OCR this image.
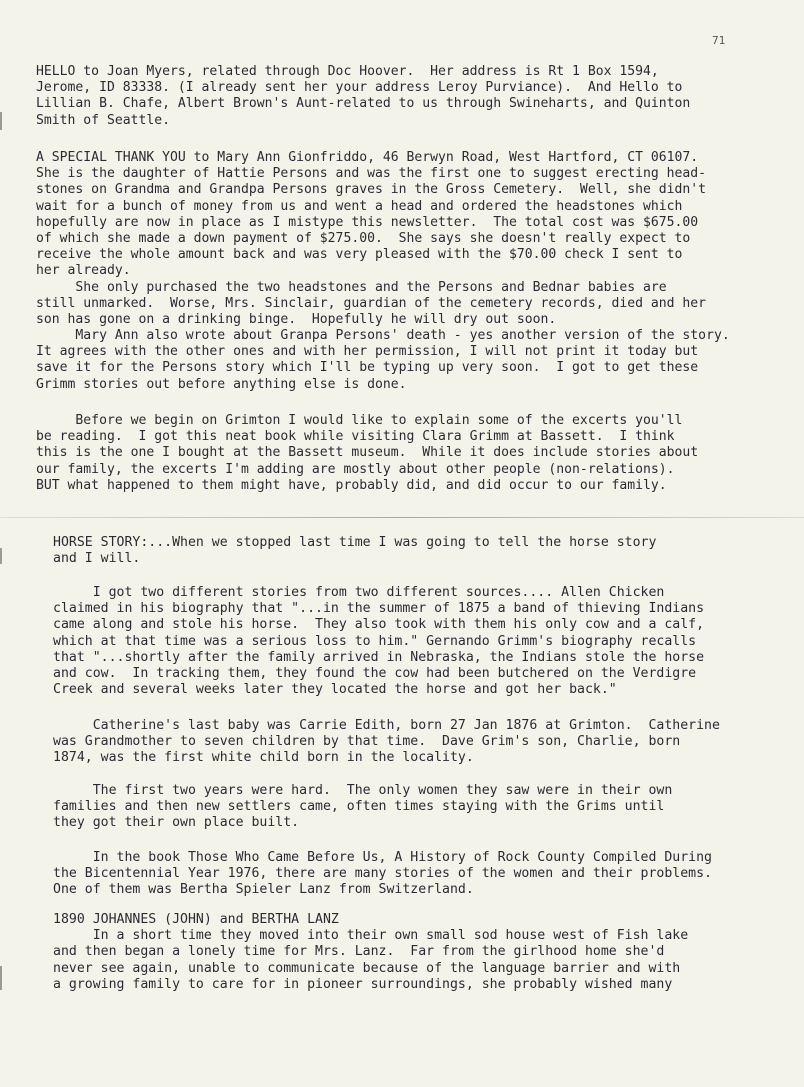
71
HELLO to Joan Myers, related through Doc Hoover.  Her address is Rt 1 Box 1594,
Jerome, ID 83338. (I already sent her your address Leroy Purviance).  And Hello to
Lillian B. Chafe, Albert Brown's Aunt-related to us through Swineharts, and Quinton
Smith of Seattle.
A SPECIAL THANK YOU to Mary Ann Gionfriddo, 46 Berwyn Road, West Hartford, CT 06107.
She is the daughter of Hattie Persons and was the first one to suggest erecting head-
stones on Grandma and Grandpa Persons graves in the Gross Cemetery.  Well, she didn't
wait for a bunch of money from us and went a head and ordered the headstones which
hopefully are now in place as I mistype this newsletter.  The total cost was $675.00
of which she made a down payment of $275.00.  She says she doesn't really expect to
receive the whole amount back and was very pleased with the $70.00 check I sent to
her already.
She only purchased the two headstones and the Persons and Bednar babies are
still unmarked.  Worse, Mrs. Sinclair, guardian of the cemetery records, died and her
son has gone on a drinking binge.  Hopefully he will dry out soon.
Mary Ann also wrote about Granpa Persons' death - yes another version of the story.
It agrees with the other ones and with her permission, I will not print it today but
save it for the Persons story which I'll be typing up very soon.  I got to get these
Grimm stories out before anything else is done.
Before we begin on Grimton I would like to explain some of the excerts you'll
be reading.  I got this neat book while visiting Clara Grimm at Bassett.  I think
this is the one I bought at the Bassett museum.  While it does include stories about
our family, the excerts I'm adding are mostly about other people (non-relations).
BUT what happened to them might have, probably did, and did occur to our family.
HORSE STORY:...When we stopped last time I was going to tell the horse story
and I will.
I got two different stories from two different sources.... Allen Chicken
claimed in his biography that "...in the summer of 1875 a band of thieving Indians
came along and stole his horse.  They also took with them his only cow and a calf,
which at that time was a serious loss to him." Gernando Grimm's biography recalls
that "...shortly after the family arrived in Nebraska, the Indians stole the horse
and cow.  In tracking them, they found the cow had been butchered on the Verdigre
Creek and several weeks later they located the horse and got her back."
Catherine's last baby was Carrie Edith, born 27 Jan 1876 at Grimton.  Catherine
was Grandmother to seven children by that time.  Dave Grim's son, Charlie, born
1874, was the first white child born in the locality.
The first two years were hard.  The only women they saw were in their own
families and then new settlers came, often times staying with the Grims until
they got their own place built.
In the book Those Who Came Before Us, A History of Rock County Compiled During
the Bicentennial Year 1976, there are many stories of the women and their problems.
One of them was Bertha Spieler Lanz from Switzerland.
1890 JOHANNES (JOHN) and BERTHA LANZ
In a short time they moved into their own small sod house west of Fish lake
and then began a lonely time for Mrs. Lanz.  Far from the girlhood home she'd
never see again, unable to communicate because of the language barrier and with
a growing family to care for in pioneer surroundings, she probably wished many
